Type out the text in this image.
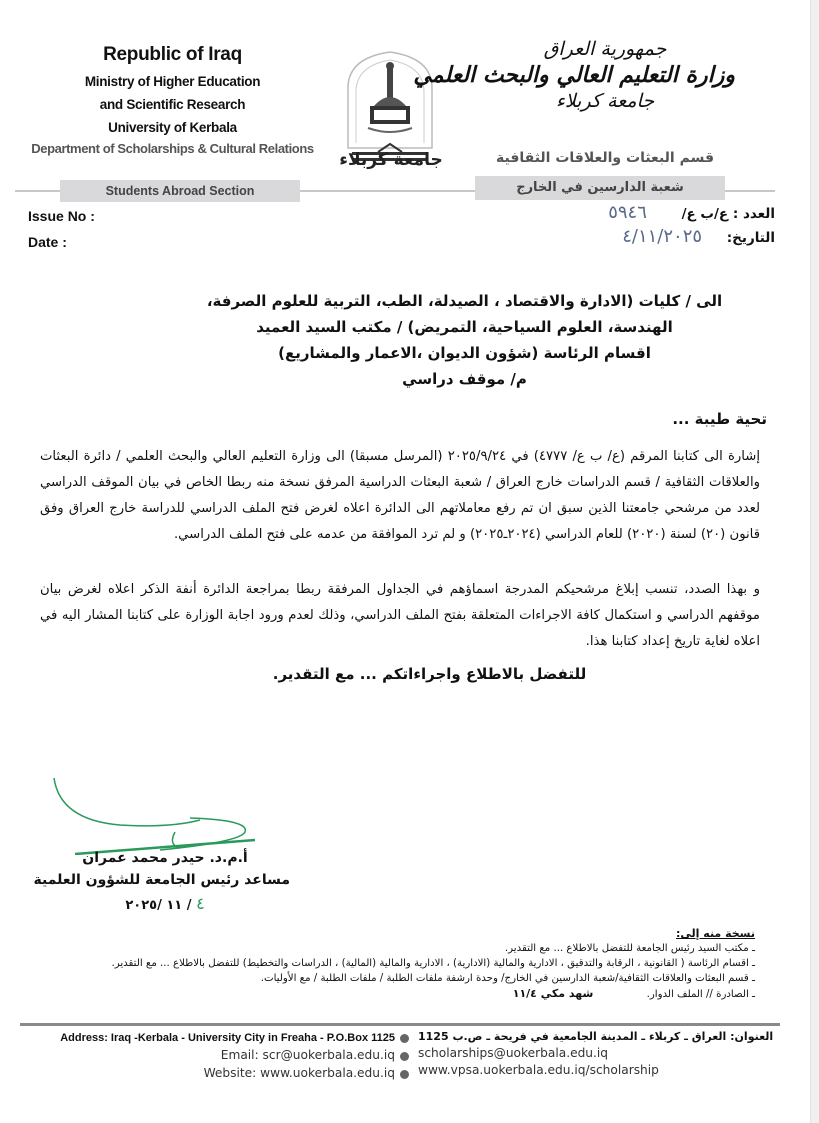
Republic of Iraq
Ministry of Higher Education
and Scientific Research
University of Kerbala
Department of Scholarships & Cultural Relations
Students Abroad Section	شعبة الدارسين في الخارج
Issue No :
Date :
جامعة كربلاء
جمهورية العراق
وزارة التعليم العالي والبحث العلمي
جامعة كربلاء
قسم البعثات والعلاقات الثقافية
العدد : ع/ب ع/ ٥٩٤٦
التاريخ: ٤/١١/٢٠٢٥
الى / كليات (الادارة والاقتصاد ، الصيدلة، الطب، التربية للعلوم الصرفة،
الهندسة، العلوم السياحية، التمريض) / مكتب السيد العميد
اقسام الرئاسة (شؤون الديوان ،الاعمار والمشاريع)
م/ موقف دراسي
تحية طيبة ...
إشارة الى كتابنا المرقم (ع/ ب ع/ ٤٧٧٧) في ٢٠٢٥/٩/٢٤ (المرسل مسبقا) الى وزارة التعليم العالي والبحث العلمي / دائرة البعثات والعلاقات الثقافية / قسم الدراسات خارج العراق / شعبة البعثات الدراسية المرفق نسخة منه ربطا الخاص في بيان الموقف الدراسي لعدد من مرشحي جامعتنا الذين سبق ان تم رفع معاملاتهم الى الدائرة اعلاه لغرض فتح الملف الدراسي للدراسة خارج العراق وفق قانون (٢٠) لسنة (٢٠٢٠) للعام الدراسي (٢٠٢٤ـ٢٠٢٥) و لم ترد الموافقة من عدمه على فتح الملف الدراسي.
و بهذا الصدد، تنسب إبلاغ مرشحيكم المدرجة اسماؤهم في الجداول المرفقة ربطا بمراجعة الدائرة أنفة الذكر اعلاه لغرض بيان موقفهم الدراسي و استكمال كافة الاجراءات المتعلقة بفتح الملف الدراسي، وذلك لعدم ورود اجابة الوزارة على كتابنا المشار اليه في اعلاه لغاية تاريخ إعداد كتابنا هذا.
للتفضل بالاطلاع واجراءاتكم ... مع التقدير.
أ.م.د. حيدر محمد عمران
مساعد رئيس الجامعة للشؤون العلمية
٤ / ١١ /٢٠٢٥
نسخة منه إلى:
ـ مكتب السيد رئيس الجامعة للتفضل بالاطلاع ... مع التقدير.
ـ اقسام الرئاسة ( القانونية ، الرقابة والتدقيق ، الادارية والمالية (الادارية) ، الادارية والمالية (المالية) ، الدراسات والتخطيط) للتفضل بالاطلاع ... مع التقدير.
ـ قسم البعثات والعلاقات الثقافية/شعبة الدارسين في الخارج/ وحدة ارشفة ملفات الطلبة / ملفات الطلبة / مع الأوليات.
ـ الصادرة // الملف الدوار. شهد مكي ١١/٤
Address: Iraq -Kerbala - University City in Freaha - P.O.Box 1125
Email: scr@uokerbala.edu.iq
Website: www.uokerbala.edu.iq
العنوان: العراق ـ كربلاء ـ المدينة الجامعية في فريحة ـ ص.ب 1125
scholarships@uokerbala.edu.iq
www.vpsa.uokerbala.edu.iq/scholarship
